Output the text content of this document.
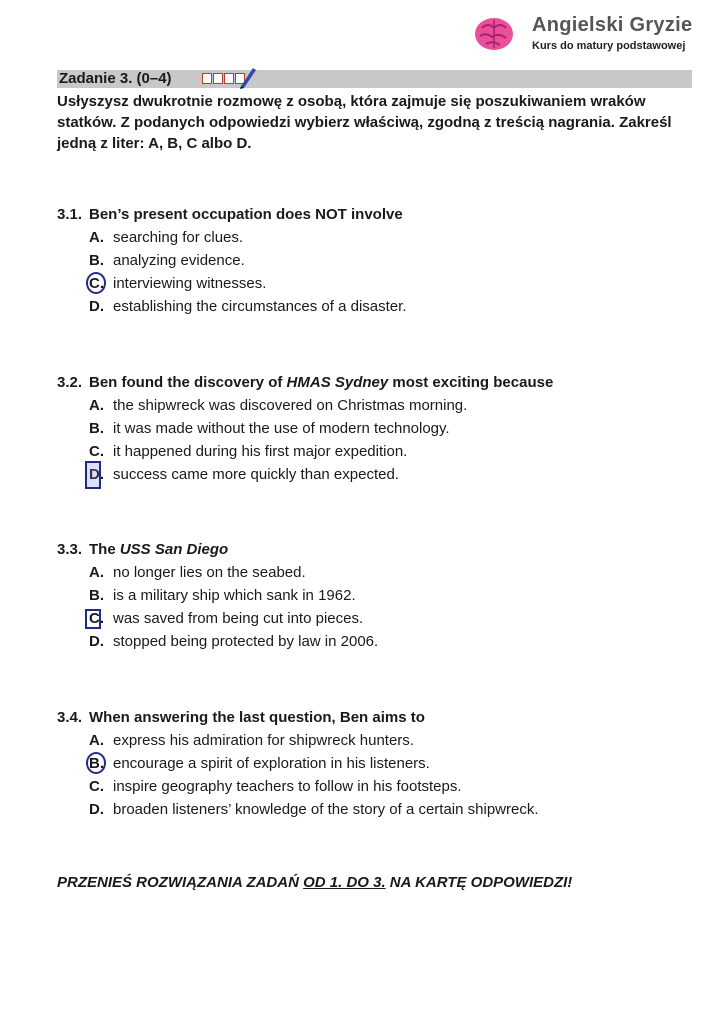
Angielski Gryzie
Kurs do matury podstawowej
Zadanie 3. (0–4)
Usłyszysz dwukrotnie rozmowę z osobą, która zajmuje się poszukiwaniem wraków statków. Z podanych odpowiedzi wybierz właściwą, zgodną z treścią nagrania. Zakreśl jedną z liter: A, B, C albo D.
3.1. Ben’s present occupation does NOT involve
A. searching for clues.
B. analyzing evidence.
C. interviewing witnesses.
D. establishing the circumstances of a disaster.
3.2. Ben found the discovery of HMAS Sydney most exciting because
A. the shipwreck was discovered on Christmas morning.
B. it was made without the use of modern technology.
C. it happened during his first major expedition.
D. success came more quickly than expected.
3.3. The USS San Diego
A. no longer lies on the seabed.
B. is a military ship which sank in 1962.
C. was saved from being cut into pieces.
D. stopped being protected by law in 2006.
3.4. When answering the last question, Ben aims to
A. express his admiration for shipwreck hunters.
B. encourage a spirit of exploration in his listeners.
C. inspire geography teachers to follow in his footsteps.
D. broaden listeners’ knowledge of the story of a certain shipwreck.
PRZENIEŚ ROZWIĄZANIA ZADAŃ OD 1. DO 3. NA KARTĘ ODPOWIEDZI!
